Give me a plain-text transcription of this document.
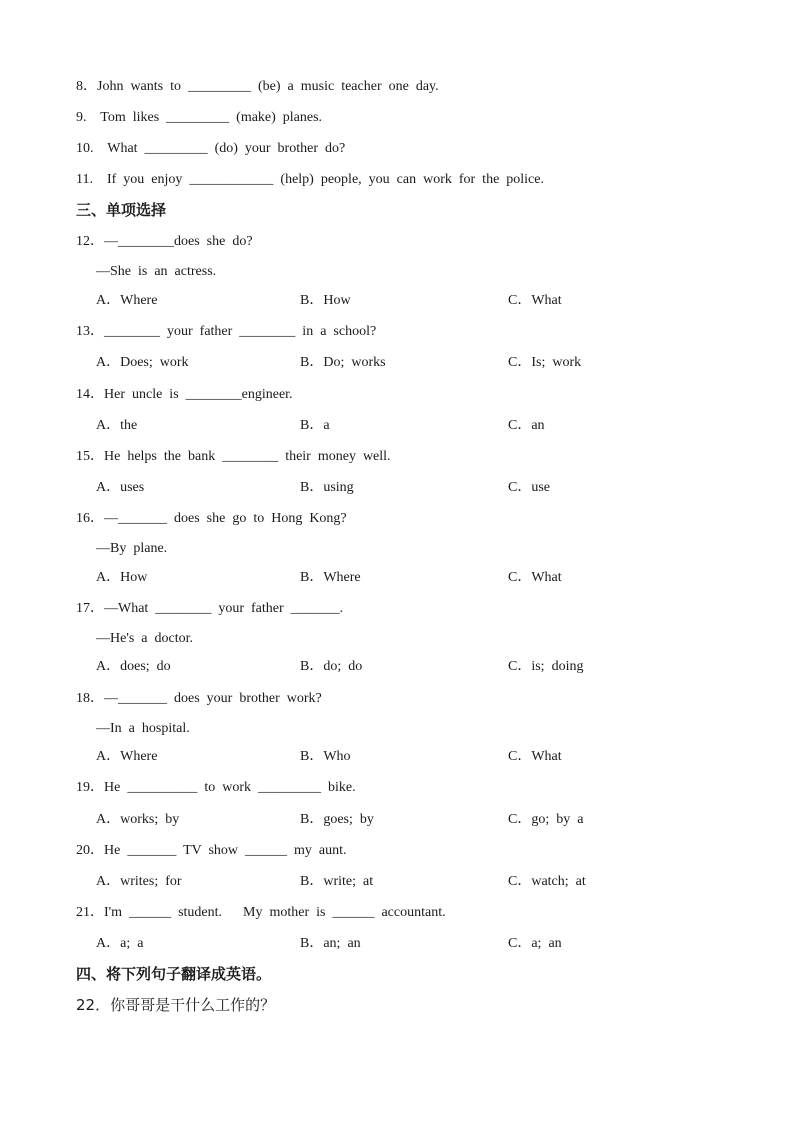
8．John  wants  to  _________  (be)  a  music  teacher  one  day.
9.    Tom  likes  _________  (make)  planes.
10.    What  _________  (do)  your  brother  do?
11.    If  you  enjoy  ____________  (help)  people,  you  can  work  for  the  police.
三、单项选择
12．—________does  she  do?
—She  is  an  actress.
A．Where	B．How	C．What
13．________  your  father  ________  in  a  school?
A．Does;  work	B．Do;  works	C．Is;  work
14．Her  uncle  is  ________engineer.
A．the	B．a	C．an
15．He  helps  the  bank  ________  their  money  well.
A．uses	B．using	C．use
16．—_______  does  she  go  to  Hong  Kong?
—By  plane.
A．How	B．Where	C．What
17．—What  ________  your  father  _______.
—He's  a  doctor.
A．does;  do	B．do;  do	C．is;  doing
18．—_______  does  your  brother  work?
—In  a  hospital.
A．Where	B．Who	C．What
19．He  __________  to  work  _________  bike.
A．works;  by	B．goes;  by	C．go;  by  a
20．He  _______  TV  show  ______  my  aunt.
A．writes;  for	B．write;  at	C．watch;  at
21．I'm  ______  student.      My  mother  is  ______  accountant.
A．a;  a	B．an;  an	C．a;  an
四、将下列句子翻译成英语。
22．你哥哥是干什么工作的？
